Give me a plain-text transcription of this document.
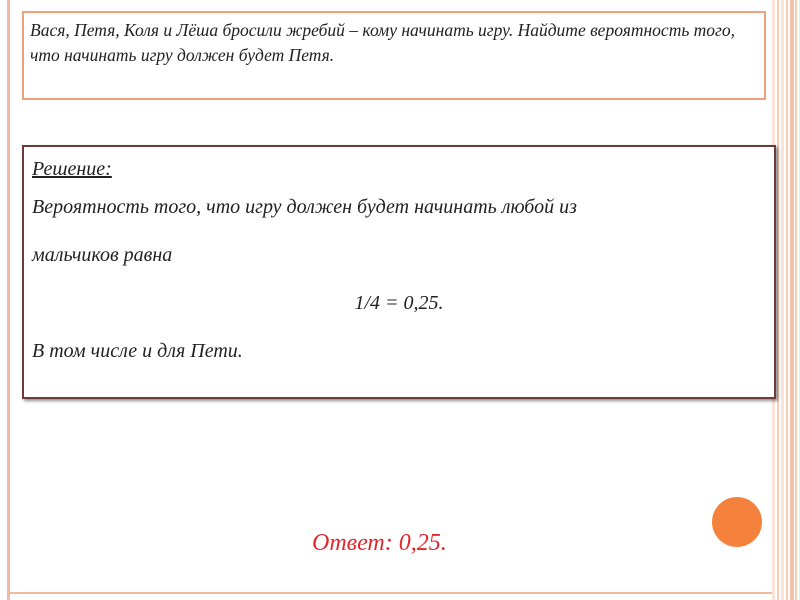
Вася, Петя, Коля и Лёша бросили жребий – кому начинать игру. Найдите вероятность того, что начинать игру должен будет Петя.
Решение:
Вероятность того, что игру должен будет начинать любой из
мальчиков равна
1/4 = 0,25.
В том числе и для Пети.
Ответ: 0,25.
